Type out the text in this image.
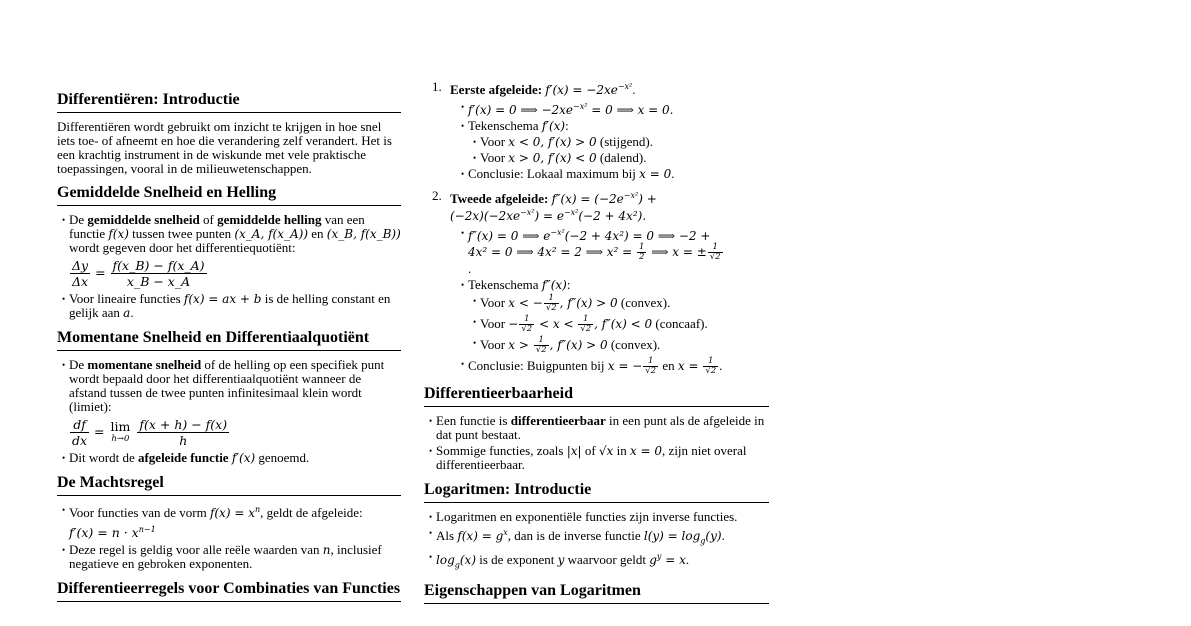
Differentiëren: Introductie
Differentiëren wordt gebruikt om inzicht te krijgen in hoe snel iets toe- of afneemt en hoe die verandering zelf verandert. Het is een krachtig instrument in de wiskunde met vele praktische toepassingen, vooral in de milieuwetenschappen.
Gemiddelde Snelheid en Helling
• De gemiddelde snelheid of gemiddelde helling van een functie f(x) tussen twee punten (x_A, f(x_A)) en (x_B, f(x_B)) wordt gegeven door het differentiequotiënt:
$\frac{\Delta y}{\Delta x} = \frac{f(x\_B) - f(x\_A)}{x\_B - x\_A}$
• Voor lineaire functies f(x) = ax + b is de helling constant en gelijk aan a.
Momentane Snelheid en Differentiaalquotiënt
• De momentane snelheid of de helling op een specifiek punt wordt bepaald door het differentiaalquotiënt wanneer de afstand tussen de twee punten infinitesimaal klein wordt (limiet):
$\frac{df}{dx} = \lim$
h→0
$\frac{f(x + h) - f(x)}{h}$
• Dit wordt de afgeleide functie f′(x) genoemd.
De Machtsregel
• Voor functies van de vorm $f(x) = x^n$, geldt de afgeleide:
$f'(x) = n \cdot x^{n-1}$
• Deze regel is geldig voor alle reële waarden van n, inclusief negatieve en gebroken exponenten.
Differentieerregels voor Combinaties van Functies
1. Eerste afgeleide: $f'(x) = -2xe^{-x^2}$.
• f′(x) = 0 ⟹ $-2xe^{-x^2} = 0$ ⟹ x = 0.
• Tekenschema f′(x):
• Voor x < 0, f′(x) > 0 (stijgend).
• Voor x > 0, f′(x) < 0 (dalend).
• Conclusie: Lokaal maximum bij x = 0.
2. Tweede afgeleide: $f''(x) = (-2e^{-x^2})$ +
$(-2x)(-2xe^{-x^2}) = e^{-x^2}(-2 + 4x^2)$.
• f″(x) = 0 ⟹ $e^{-x^2}(-2 + 4x^2) = 0$ ⟹ −2 +
4x² = 0 ⟹ 4x² = 2 ⟹ $x^2 = \frac{1}{2}$ ⟹ x = ± $\frac{1}{√2}$

.
• Tekenschema f″(x):
• Voor x < − $\frac{1}{√2}$ , f″(x) > 0 (convex).
• Voor − $\frac{1}{√2} < x < \frac{1}{√2}$ , f″(x) < 0 (concaaf).
• Voor $x > \frac{1}{√2}$ , f″(x) > 0 (convex).
• Conclusie: Buigpunten bij x = − $\frac{1}{√2}$ en $x = \frac{1}{√2}$ .
Differentieerbaarheid
• Een functie is differentieerbaar in een punt als de afgeleide in dat punt bestaat.
• Sommige functies, zoals |x| of √x in x = 0, zijn niet overal differentieerbaar.
Logaritmen: Introductie
• Logaritmen en exponentiële functies zijn inverse functies.
• Als $f(x) = g^x$, dan is de inverse functie $l(y) = \log_g(y)$.
• $\log_g(x)$ is de exponent y waarvoor geldt $g^y = x$.
Eigenschappen van Logaritmen
